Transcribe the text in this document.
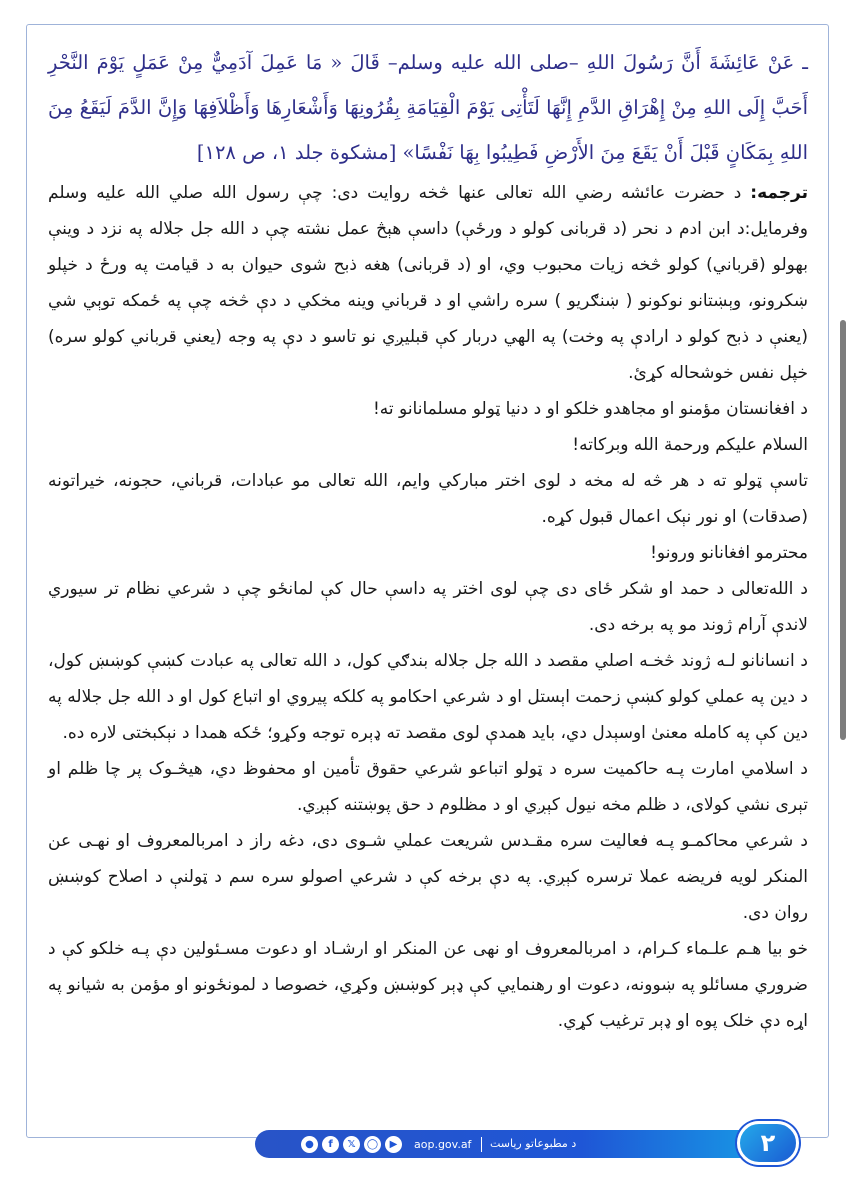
ـ عَنْ عَائِشَةَ أَنَّ رَسُولَ اللهِ –صلى الله عليه وسلم– قَالَ « مَا عَمِلَ آدَمِيٌّ مِنْ عَمَلٍ يَوْمَ النَّحْرِ أَحَبَّ إِلَى اللهِ مِنْ إِهْرَاقِ الدَّمِ إِنَّهَا لَتَأْتِى يَوْمَ الْقِيَامَةِ بِقُرُونِهَا وَأَشْعَارِهَا وَأَظْلاَفِهَا وَإِنَّ الدَّمَ لَيَقَعُ مِنَ اللهِ بِمَكَانٍ قَبْلَ أَنْ يَقَعَ مِنَ الأَرْضِ فَطِيبُوا بِهَا نَفْسًا» [مشكوة جلد ۱، ص ۱۲۸]

ترجمه: د حضرت عائشه رضي الله تعالی عنها څخه روایت دی: چې رسول الله صلي الله علیه وسلم وفرمایل:د ابن ادم د نحر (د قربانی کولو د ورځې) داسې هېڅ عمل نشته چې د الله جل جلاله په نزد د وینې بهولو (قرباني) کولو څخه زیات محبوب وي، او (د قربانی) هغه ذبح شوی حیوان به د قیامت په ورځ د خپلو ښکرونو، وېښتانو نوکونو ( ښنګریو ) سره راشي او د قرباني وینه مخکي د دې څخه چې په ځمکه توېي شي (یعنې د ذبح کولو د ارادې په وخت) په الهي دربار کې قبلیږي نو تاسو د دې په وجه (یعني قرباني کولو سره) خپل نفس خوشحاله کړئ.

د افغانستان مؤمنو او مجاهدو خلکو او د دنیا ټولو مسلمانانو ته!

السلام علیکم ورحمة الله وبرکاته!

تاسې ټولو ته د هر څه له مخه د لوی اختر مبارکي وایم، الله تعالی مو عبادات، قرباني، حجونه، خیراتونه (صدقات) او نور نېک اعمال قبول کړه.

محترمو افغانانو ورونو!

د الله‌تعالی د حمد او شکر ځای دی چې لوی اختر په داسې حال کې لمانځو چې د شرعي نظام تر سیوري لاندې آرام ژوند مو په برخه دی.

د انسانانو لـه ژوند څخـه اصلي مقصد د الله جل جلاله بندګي کول، د الله تعالی په عبادت کښې کوښښ کول، د دین په عملي کولو کښې زحمت اېستل او د شرعي احکامو په کلکه پیروي او اتباع کول او د الله جل جلاله په دین کې په کامله معنیٰ اوسېدل دي، باید همدې لوی مقصد ته ډېره توجه وکړو؛ ځکه همدا د نېکبختی لاره ده.

د اسلامي امارت پـه حاکمیت سره د ټولو اتباعو شرعي حقوق تأمین او محفوظ دي، هیڅـوک پر چا ظلم او تېری نشي کولای، د ظلم مخه نیول کېږي او د مظلوم د حق پوښتنه کېږي.

د شرعي محاکمـو پـه فعالیت سره مقـدس شریعت عملي شـوی دی، دغه راز د امربالمعروف او نهـی عن المنکر لویه فریضه عملا ترسره کېږي. په دې برخه کې د شرعي اصولو سره سم د ټولنې د اصلاح کوښښ روان دی.

خو بیا هـم علـماء کـرام، د امربالمعروف او نهی عن المنکر او ارشـاد او دعوت مسـئولین دې پـه خلکو کې د ضروري مسائلو په ښوونه، دعوت او رهنمایي کې ډېر کوښښ وکړي، خصوصا د لمونځونو او مؤمن به شیانو په اړه دې خلک پوه او ډېر ترغیب کړي.

●	f	𝕏	◯	▶	aop.gov.af د مطبوعاتو ریاست	۲
